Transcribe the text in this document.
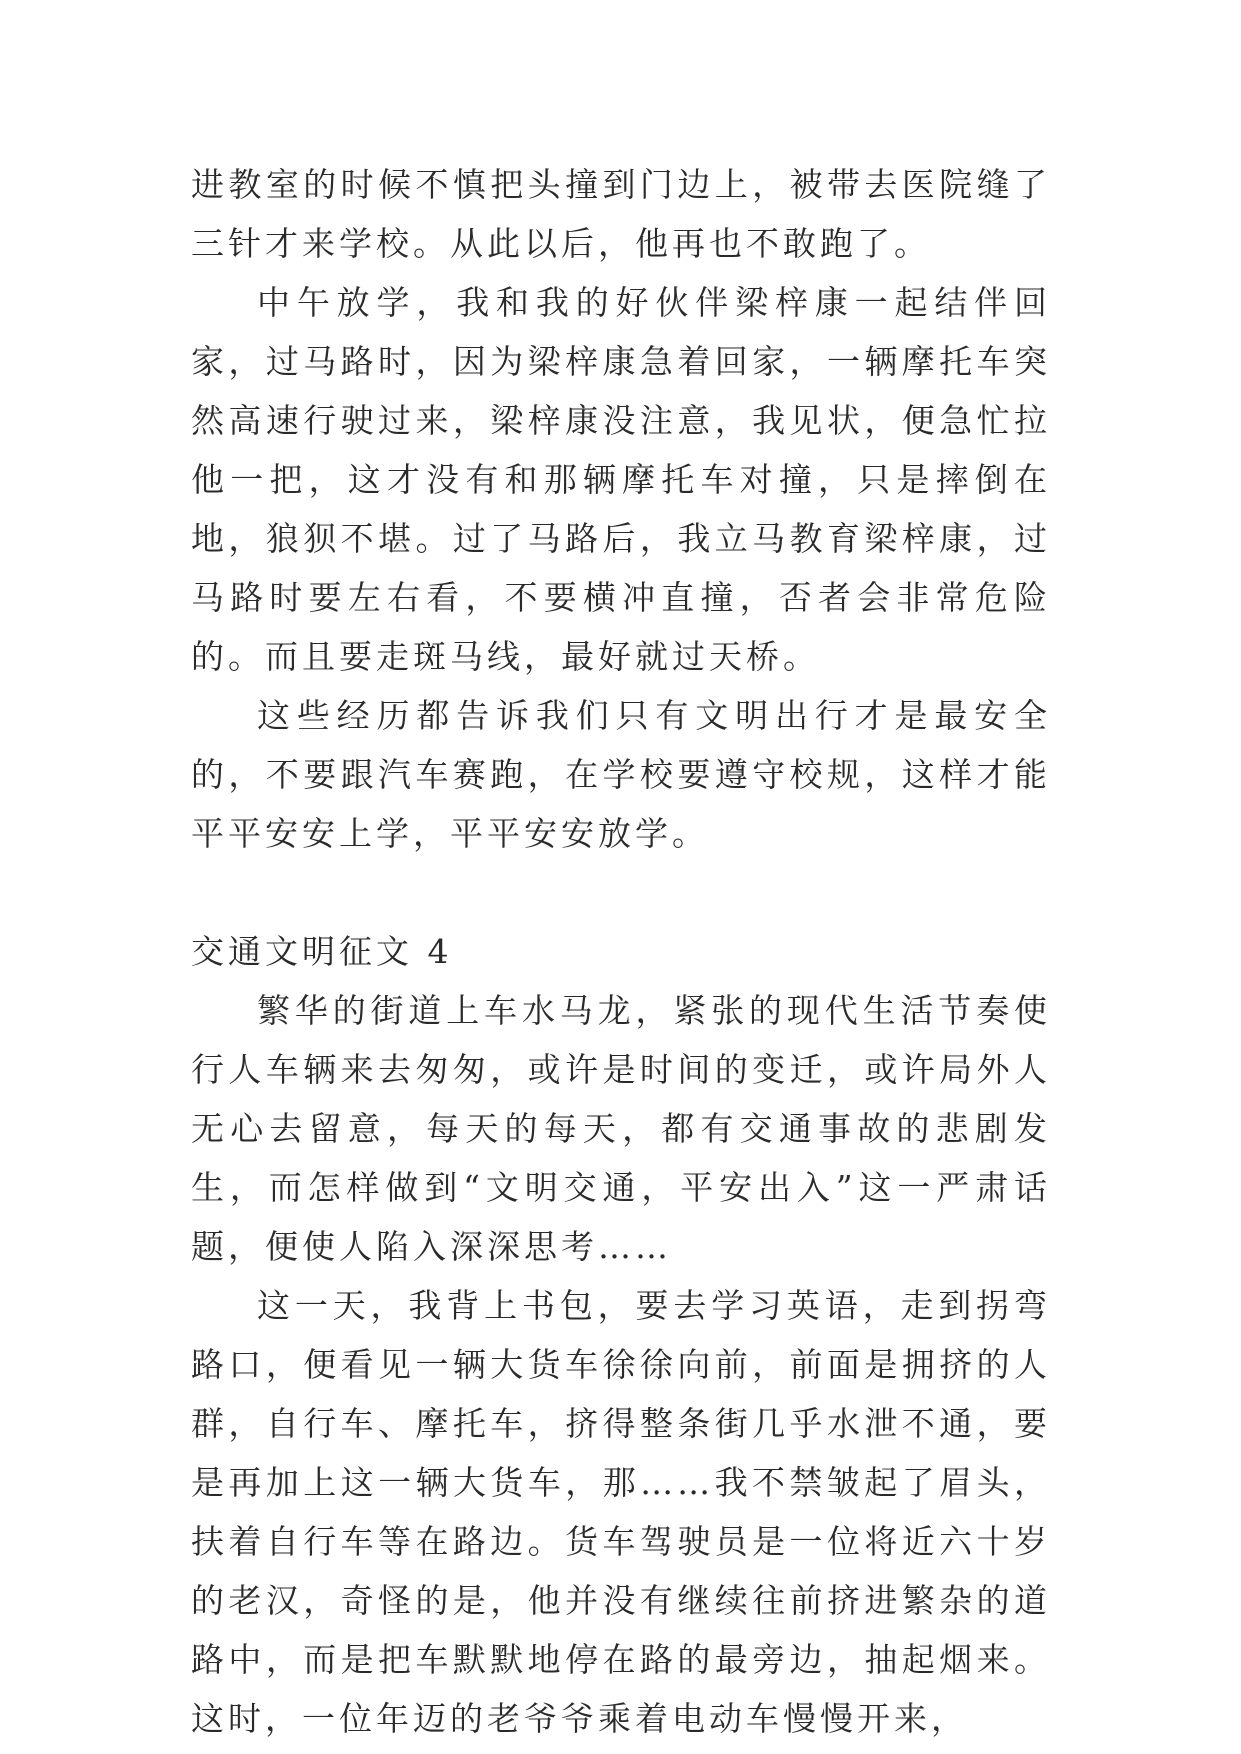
进教室的时候不慎把头撞到门边上，被带去医院缝了三针才来学校。从此以后，他再也不敢跑了。

中午放学，我和我的好伙伴梁梓康一起结伴回家，过马路时，因为梁梓康急着回家，一辆摩托车突然高速行驶过来，梁梓康没注意，我见状，便急忙拉他一把，这才没有和那辆摩托车对撞，只是摔倒在地，狼狈不堪。过了马路后，我立马教育梁梓康，过马路时要左右看，不要横冲直撞，否者会非常危险的。而且要走斑马线，最好就过天桥。

这些经历都告诉我们只有文明出行才是最安全的，不要跟汽车赛跑，在学校要遵守校规，这样才能平平安安上学，平平安安放学。

交通文明征文 4

繁华的街道上车水马龙，紧张的现代生活节奏使行人车辆来去匆匆，或许是时间的变迁，或许局外人无心去留意，每天的每天，都有交通事故的悲剧发生，而怎样做到“文明交通，平安出入”这一严肃话题，便使人陷入深深思考……

这一天，我背上书包，要去学习英语，走到拐弯路口，便看见一辆大货车徐徐向前，前面是拥挤的人群，自行车、摩托车，挤得整条街几乎水泄不通，要是再加上这一辆大货车，那……我不禁皱起了眉头，扶着自行车等在路边。货车驾驶员是一位将近六十岁的老汉，奇怪的是，他并没有继续往前挤进繁杂的道路中，而是把车默默地停在路的最旁边，抽起烟来。这时，一位年迈的老爷爷乘着电动车慢慢开来，
